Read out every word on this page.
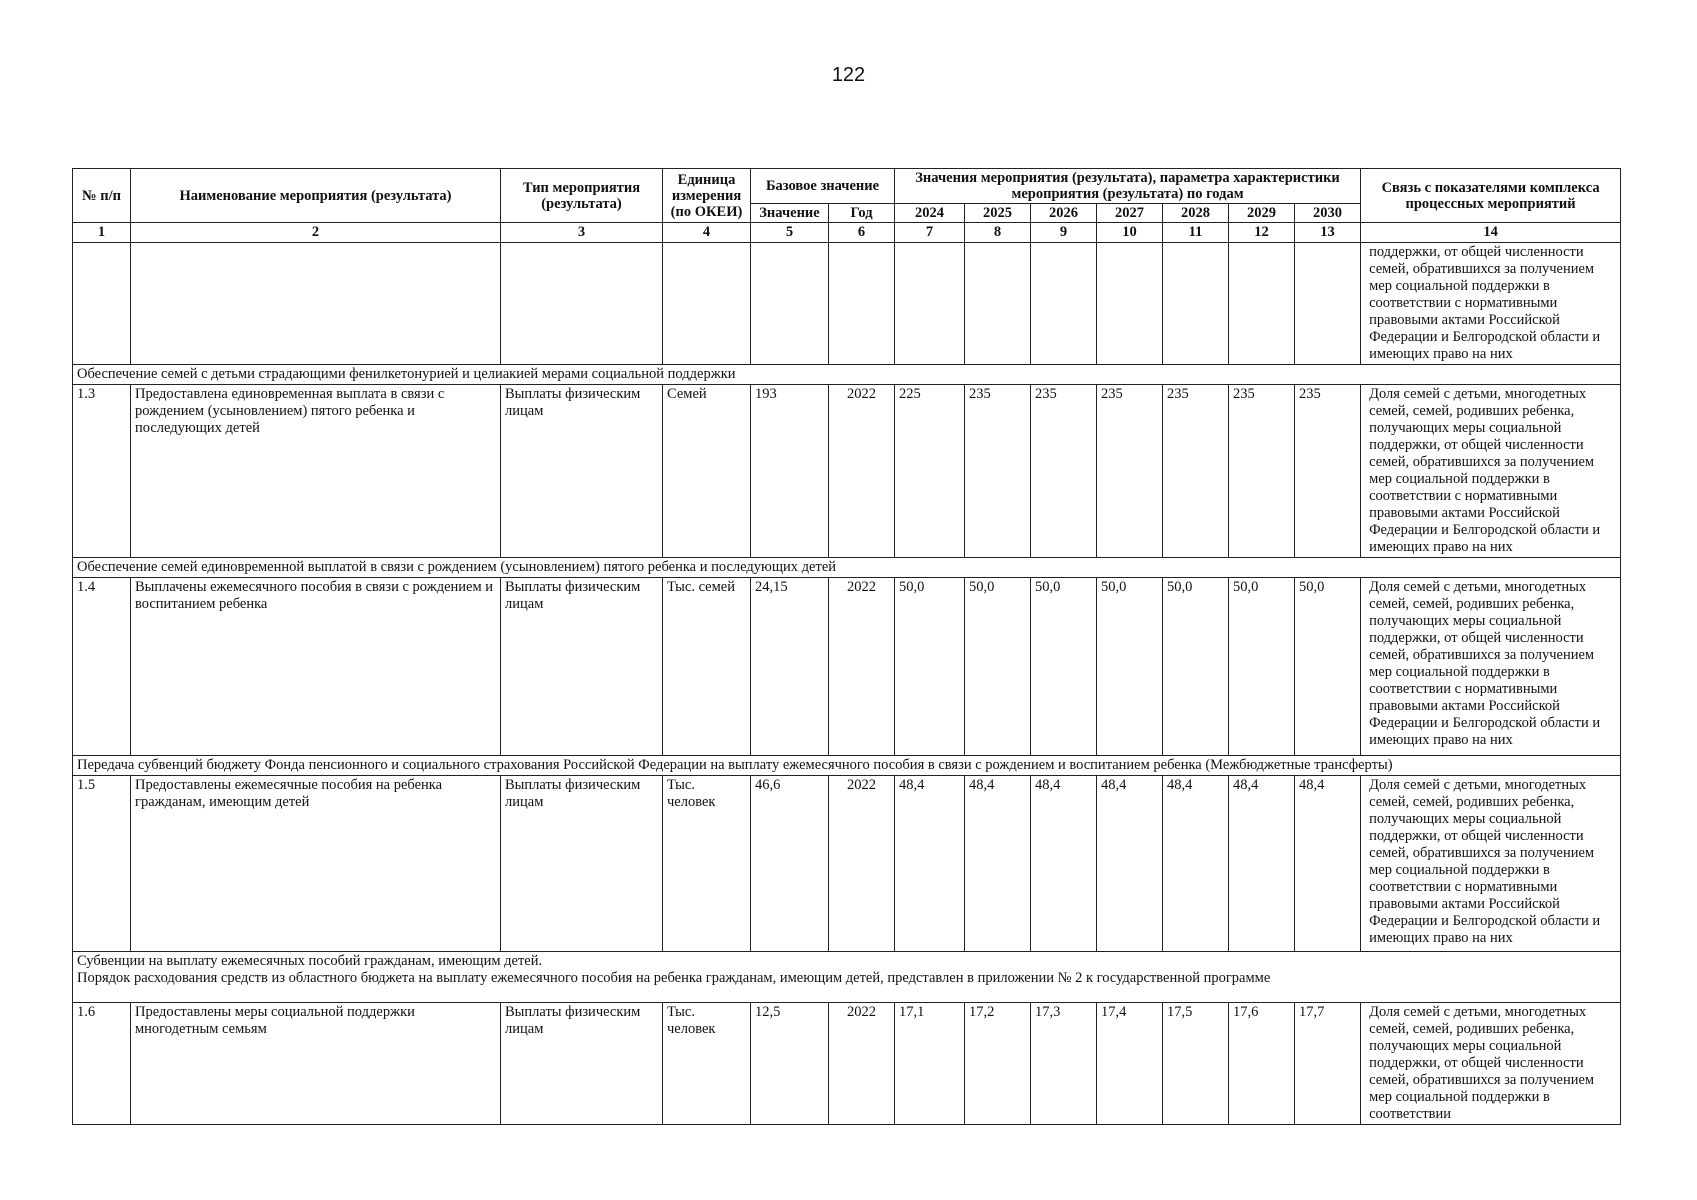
122
№ п/п	Наименование мероприятия (результата)	Тип мероприятия (результата)	Единица измерения (по ОКЕИ)	Базовое значение		Значения мероприятия (результата), параметра характеристики мероприятия (результата) по годам							Связь с показателями комплекса процессных мероприятий
				Значение	Год	2024	2025	2026	2027	2028	2029	2030	
1	2	3	4	5	6	7	8	9	10	11	12	13	14
													поддержки, от общей численности семей, обратившихся за получением мер социальной поддержки в соответствии с нормативными правовыми актами Российской Федерации и Белгородской области и имеющих право на них
Обеспечение семей с детьми страдающими фенилкетонурией и целиакией мерами социальной поддержки													
1.3	Предоставлена единовременная выплата в связи с рождением (усыновлением) пятого ребенка и последующих детей	Выплаты физическим лицам	Семей	193	2022	225	235	235	235	235	235	235	Доля семей с детьми, многодетных семей, семей, родивших ребенка, получающих меры социальной поддержки, от общей численности семей, обратившихся за получением мер социальной поддержки в соответствии с нормативными правовыми актами Российской Федерации и Белгородской области и имеющих право на них
Обеспечение семей единовременной выплатой в связи с рождением (усыновлением) пятого ребенка и последующих детей													
1.4	Выплачены ежемесячного пособия в связи с рождением и воспитанием ребенка	Выплаты физическим лицам	Тыс. семей	24,15	2022	50,0	50,0	50,0	50,0	50,0	50,0	50,0	Доля семей с детьми, многодетных семей, семей, родивших ребенка, получающих меры социальной поддержки, от общей численности семей, обратившихся за получением мер социальной поддержки в соответствии с нормативными правовыми актами Российской Федерации и Белгородской области и имеющих право на них
Передача субвенций бюджету Фонда пенсионного и социального страхования Российской Федерации на выплату ежемесячного пособия в связи с рождением и воспитанием ребенка (Межбюджетные трансферты)													
1.5	Предоставлены ежемесячные пособия на ребенка гражданам, имеющим детей	Выплаты физическим лицам	Тыс. человек	46,6	2022	48,4	48,4	48,4	48,4	48,4	48,4	48,4	Доля семей с детьми, многодетных семей, семей, родивших ребенка, получающих меры социальной поддержки, от общей численности семей, обратившихся за получением мер социальной поддержки в соответствии с нормативными правовыми актами Российской Федерации и Белгородской области и имеющих право на них

Субвенции на выплату ежемесячных пособий гражданам, имеющим детей.
Порядок расходования средств из областного бюджета на выплату ежемесячного пособия на ребенка гражданам, имеющим детей, представлен в приложении № 2 к государственной программе													

1.6	Предоставлены меры социальной поддержки многодетным семьям	Выплаты физическим лицам	Тыс. человек	12,5	2022	17,1	17,2	17,3	17,4	17,5	17,6	17,7	Доля семей с детьми, многодетных семей, семей, родивших ребенка, получающих меры социальной поддержки, от общей численности семей, обратившихся за получением мер социальной поддержки в соответствии
